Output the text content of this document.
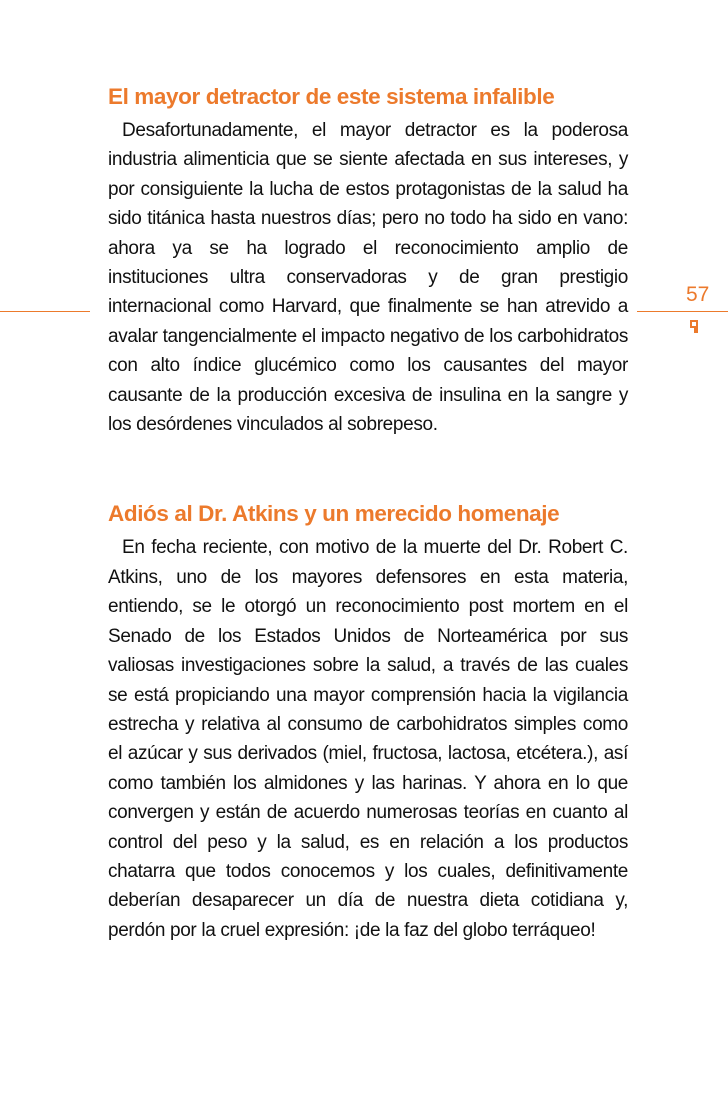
El mayor detractor de este sistema infalible

Desafortunadamente, el mayor detractor es la poderosa industria alimenticia que se siente afectada en sus intereses, y por consiguiente la lucha de estos protagonistas de la salud ha sido titánica hasta nuestros días; pero no todo ha sido en vano: ahora ya se ha logrado el reconocimiento amplio de instituciones ultra conservadoras y de gran prestigio internacional como Harvard, que finalmente se han atrevido a avalar tangencialmente el impacto negativo de los carbohidratos con alto índice glucémico como los causantes del mayor causante de la producción excesiva de insulina en la sangre y los desórdenes vinculados al sobrepeso.

Adiós al Dr. Atkins y un merecido homenaje

En fecha reciente, con motivo de la muerte del Dr. Robert C. Atkins, uno de los mayores defensores en esta materia, entiendo, se le otorgó un reconocimiento post mortem en el Senado de los Estados Unidos de Norteamérica por sus valiosas investigaciones sobre la salud, a través de las cuales se está propiciando una mayor comprensión hacia la vigilancia estrecha y relativa al consumo de carbohidratos simples como el azúcar y sus derivados (miel, fructosa, lactosa, etcétera.), así como también los almidones y las harinas. Y ahora en lo que convergen y están de acuerdo numerosas teorías en cuanto al control del peso y la salud, es en relación a los productos chatarra que todos conocemos y los cuales, definitivamente deberían desaparecer un día de nuestra dieta cotidiana y, perdón por la cruel expresión: ¡de la faz del globo terráqueo!

57
